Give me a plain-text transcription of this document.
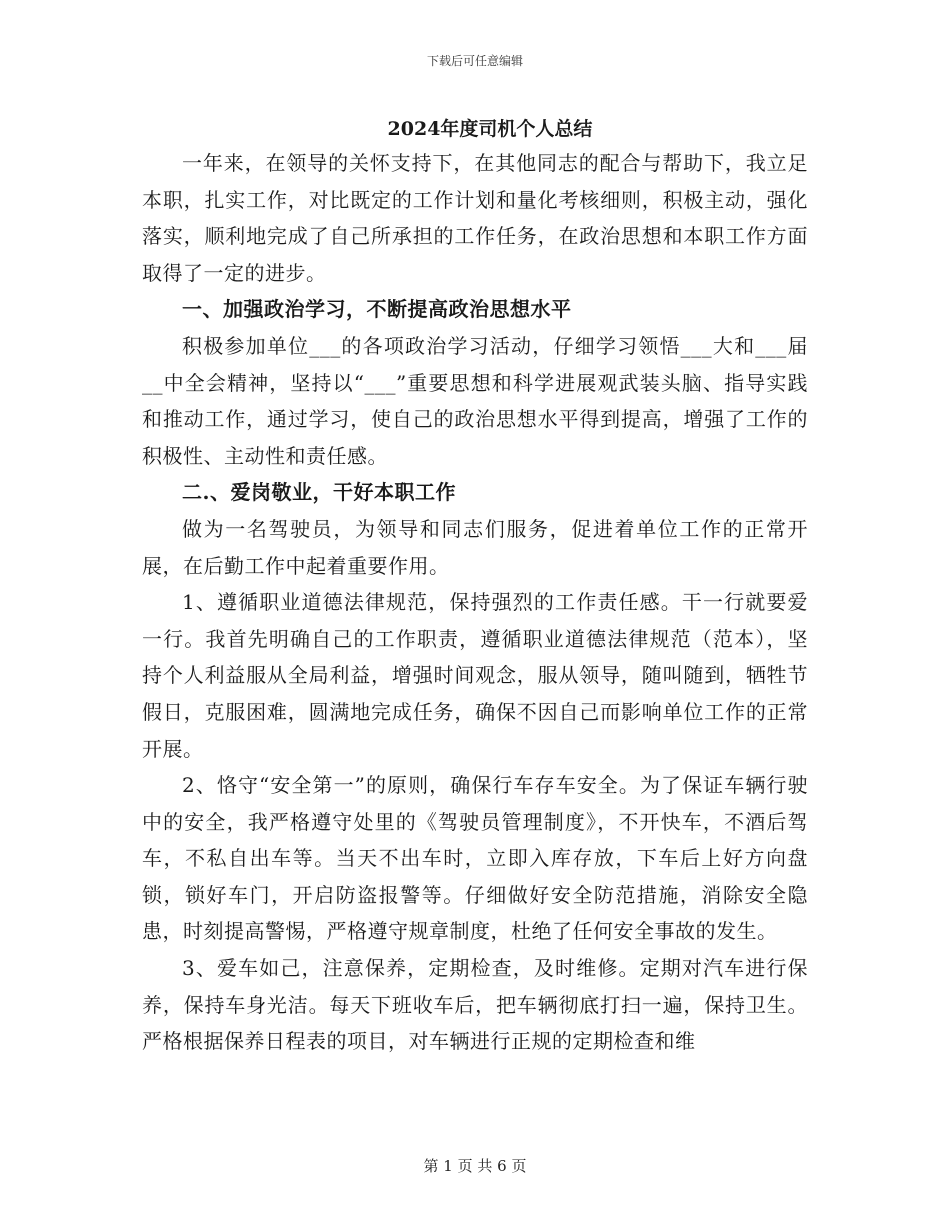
下载后可任意编辑
2024年度司机个人总结

一年来，在领导的关怀支持下，在其他同志的配合与帮助下，我立足本职，扎实工作，对比既定的工作计划和量化考核细则，积极主动，强化落实，顺利地完成了自己所承担的工作任务，在政治思想和本职工作方面取得了一定的进步。

一、加强政治学习，不断提高政治思想水平

积极参加单位___的各项政治学习活动，仔细学习领悟___大和___届__中全会精神，坚持以“___”重要思想和科学进展观武装头脑、指导实践和推动工作，通过学习，使自己的政治思想水平得到提高，增强了工作的积极性、主动性和责任感。

二.、爱岗敬业，干好本职工作

做为一名驾驶员，为领导和同志们服务，促进着单位工作的正常开展，在后勤工作中起着重要作用。

1、遵循职业道德法律规范，保持强烈的工作责任感。干一行就要爱一行。我首先明确自己的工作职责，遵循职业道德法律规范（范本），坚持个人利益服从全局利益，增强时间观念，服从领导，随叫随到，牺牲节假日，克服困难，圆满地完成任务，确保不因自己而影响单位工作的正常开展。

2、恪守“安全第一”的原则，确保行车存车安全。为了保证车辆行驶中的安全，我严格遵守处里的《驾驶员管理制度》，不开快车，不酒后驾车，不私自出车等。当天不出车时，立即入库存放，下车后上好方向盘锁，锁好车门，开启防盗报警等。仔细做好安全防范措施，消除安全隐患，时刻提高警惕，严格遵守规章制度，杜绝了任何安全事故的发生。

3、爱车如己，注意保养，定期检查，及时维修。定期对汽车进行保养，保持车身光洁。每天下班收车后，把车辆彻底打扫一遍，保持卫生。严格根据保养日程表的项目，对车辆进行正规的定期检查和维

第 1 页 共 6 页
